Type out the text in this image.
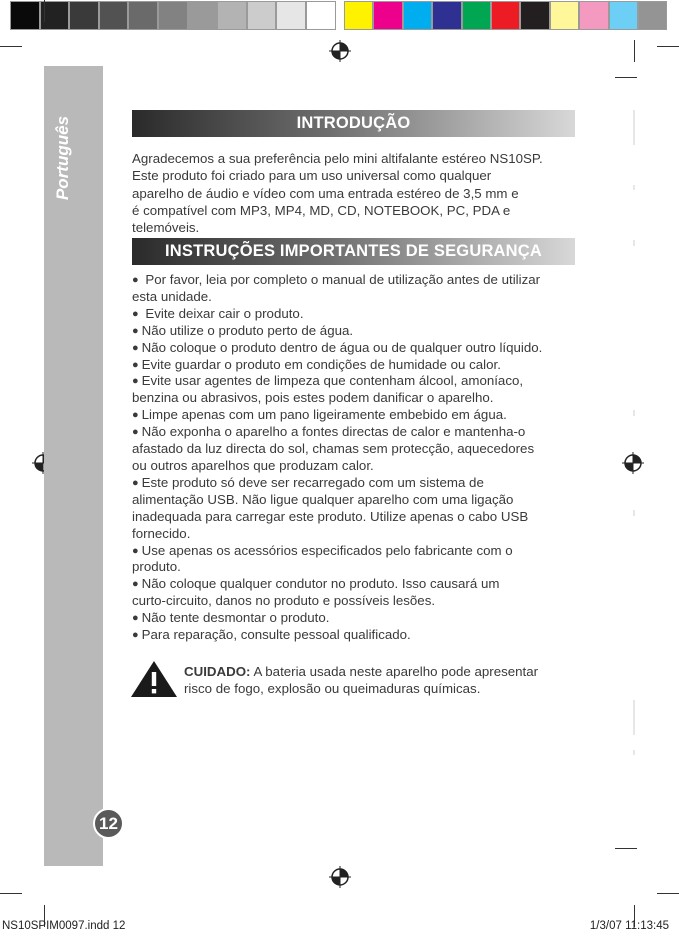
Português
12
INTRODUÇÃO

Agradecemos a sua preferência pelo mini altifalante estéreo NS10SP.
Este produto foi criado para um uso universal como qualquer
aparelho de áudio e vídeo com uma entrada estéreo de 3,5 mm e
é compatível com MP3, MP4, MD, CD, NOTEBOOK, PC, PDA e
telemóveis.

INSTRUÇÕES IMPORTANTES DE SEGURANÇA
● Por favor, leia por completo o manual de utilização antes de utilizar
esta unidade.
● Evite deixar cair o produto.
● Não utilize o produto perto de água.
● Não coloque o produto dentro de água ou de qualquer outro líquido.
● Evite guardar o produto em condições de humidade ou calor.
● Evite usar agentes de limpeza que contenham álcool, amoníaco,
benzina ou abrasivos, pois estes podem danificar o aparelho.
● Limpe apenas com um pano ligeiramente embebido em água.
● Não exponha o aparelho a fontes directas de calor e mantenha-o
afastado da luz directa do sol, chamas sem protecção, aquecedores
ou outros aparelhos que produzam calor.
● Este produto só deve ser recarregado com um sistema de
alimentação USB. Não ligue qualquer aparelho com uma ligação
inadequada para carregar este produto. Utilize apenas o cabo USB
fornecido.
● Use apenas os acessórios especificados pelo fabricante com o
produto.
● Não coloque qualquer condutor no produto. Isso causará um
curto-circuito, danos no produto e possíveis lesões.
● Não tente desmontar o produto.
● Para reparação, consulte pessoal qualificado.

CUIDADO: A bateria usada neste aparelho pode apresentar
risco de fogo, explosão ou queimaduras químicas.

NS10SPIM0097.indd 12	1/3/07 11:13:45
